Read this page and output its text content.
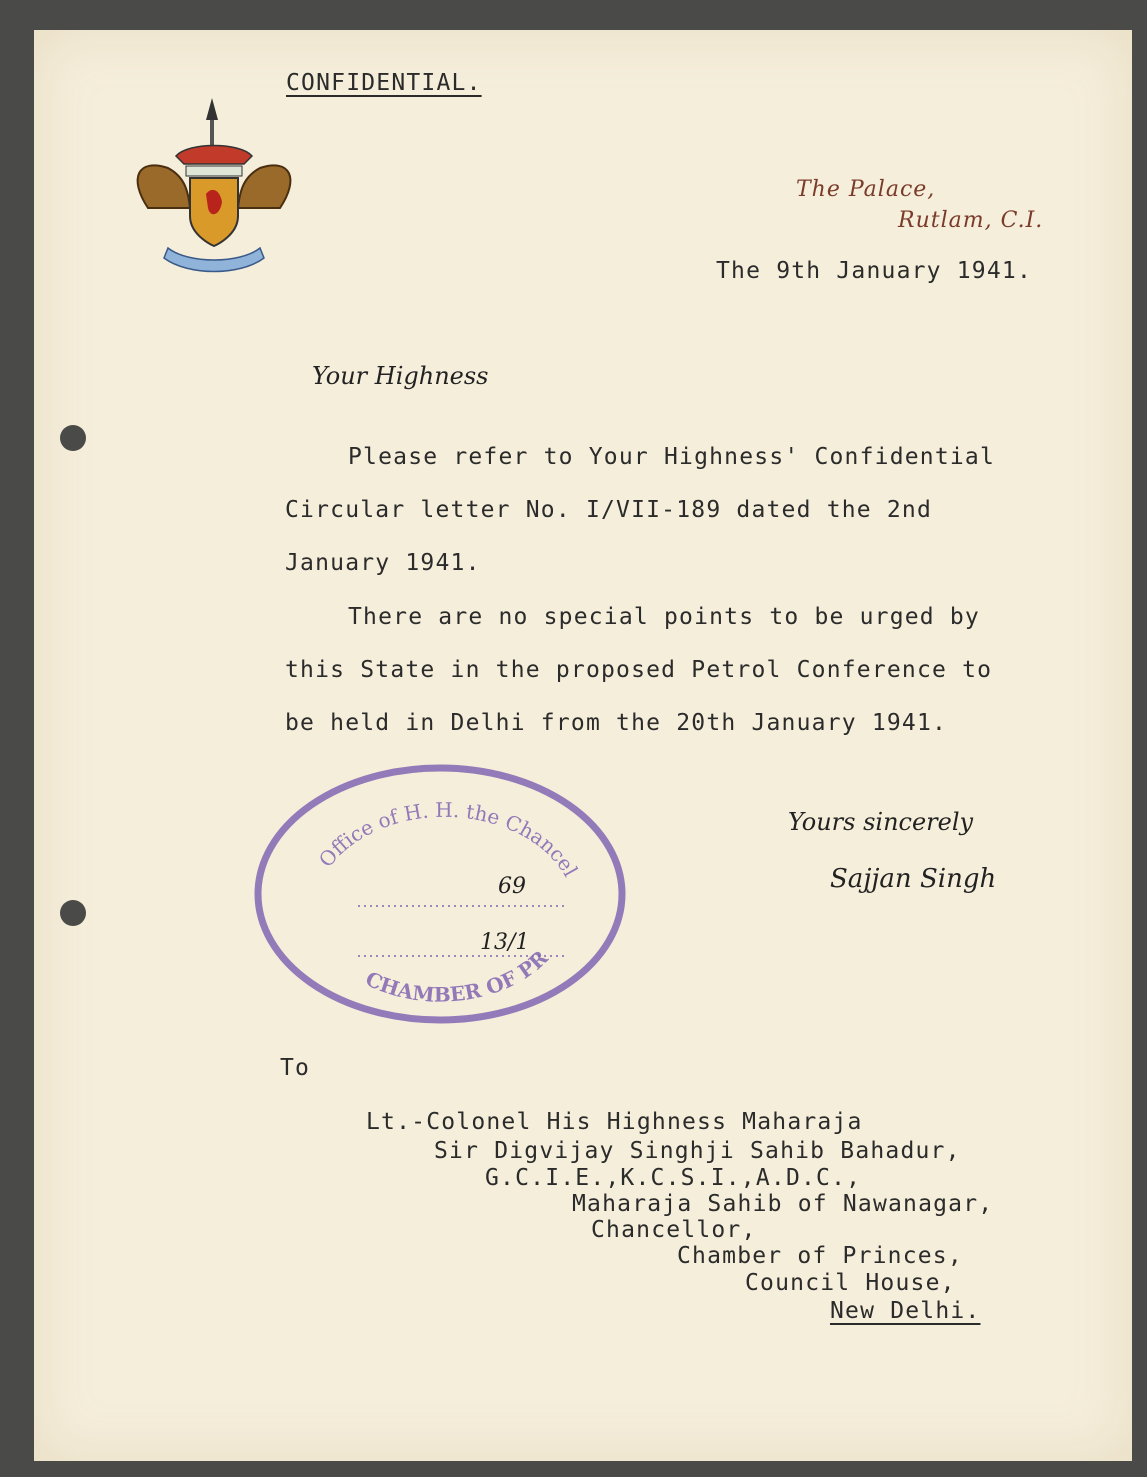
CONFIDENTIAL.
The Palace,
Rutlam, C.I.
The 9th January 1941.
Your Highness
Please refer to Your Highness' Confidential
Circular letter No. I/VII-189 dated the 2nd
January 1941.
There are no special points to be urged by
this State in the proposed Petrol Conference to
be held in Delhi from the 20th January 1941.
Yours sincerely
Sajjan Singh
Office of H. H. the Chancel
CHAMBER OF PR
69
13/1
To
Lt.-Colonel His Highness Maharaja
Sir Digvijay Singhji Sahib Bahadur,
G.C.I.E.,K.C.S.I.,A.D.C.,
Maharaja Sahib of Nawanagar,
Chancellor,
Chamber of Princes,
Council House,
New Delhi.
